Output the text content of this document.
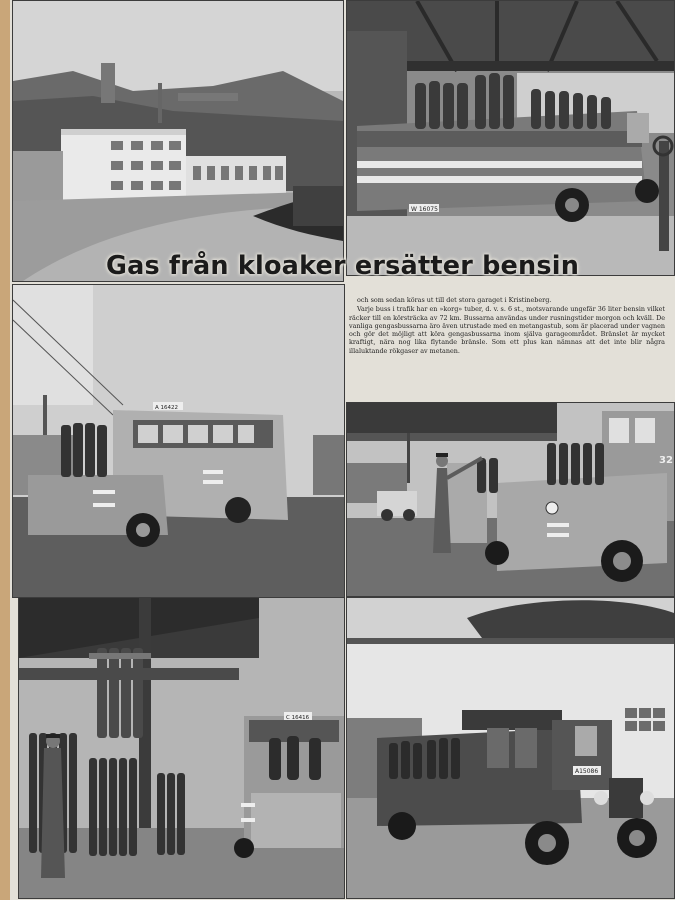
W 16075
Gas från kloaker ersätter bensin

och som sedan köras ut till det stora garaget i Kristineberg.

Varje buss i trafik har en »korg» tuber, d. v. s. 6 st., motsvarande ungefär 36 liter bensin vilket räcker till en körsträcka av 72 km. Bussarna användas under rusningstider morgon och kväll. De vanliga gengasbussarna äro även utrustade med en metangastub, som är placerad under vagnen och gör det möjligt att köra gengasbussarna inom själva garageområdet. Bränslet är mycket kraftigt, nära nog lika flytande bränsle. Som ett plus kan nämnas att det inte blir några illaluktande rökgaser av metanen.

A 16422
32
C 16416
A15086
